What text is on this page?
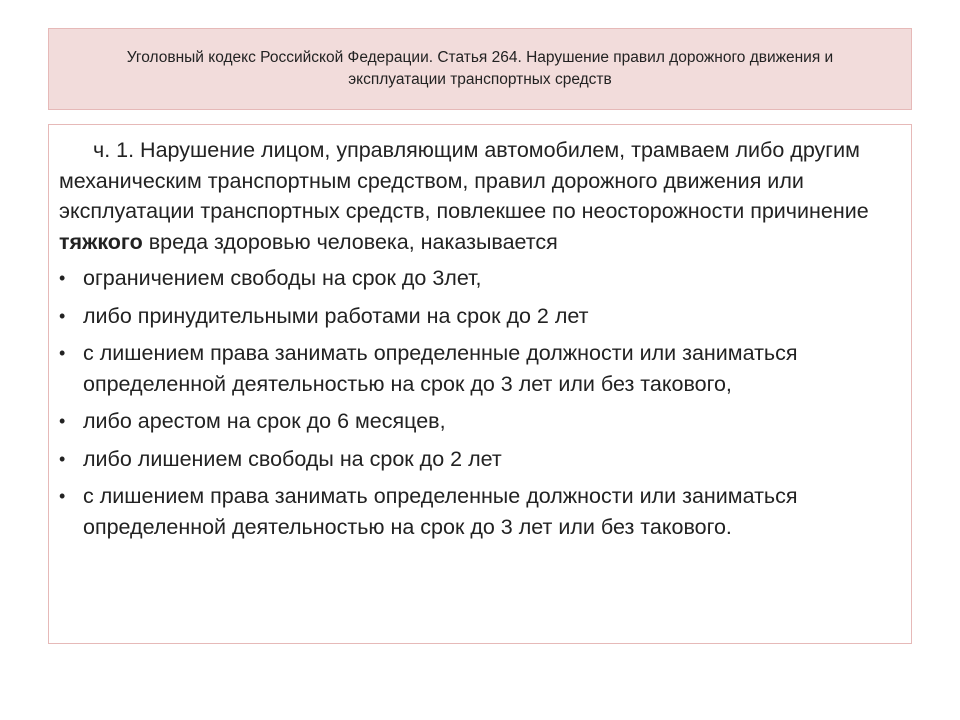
Уголовный кодекс Российской Федерации. Статья 264. Нарушение правил дорожного движения и эксплуатации транспортных средств

ч. 1. Нарушение лицом, управляющим автомобилем, трамваем либо другим механическим транспортным средством, правил дорожного движения или эксплуатации транспортных средств, повлекшее по неосторожности причинение тяжкого вреда здоровью человека, наказывается

• ограничением свободы на срок до 3лет,
• либо принудительными работами на срок до 2 лет
• с лишением права занимать определенные должности или заниматься определенной деятельностью на срок до 3 лет или без такового,
• либо арестом на срок до 6 месяцев,
• либо лишением свободы на срок до 2 лет
• с лишением права занимать определенные должности или заниматься определенной деятельностью на срок до 3 лет или без такового.
